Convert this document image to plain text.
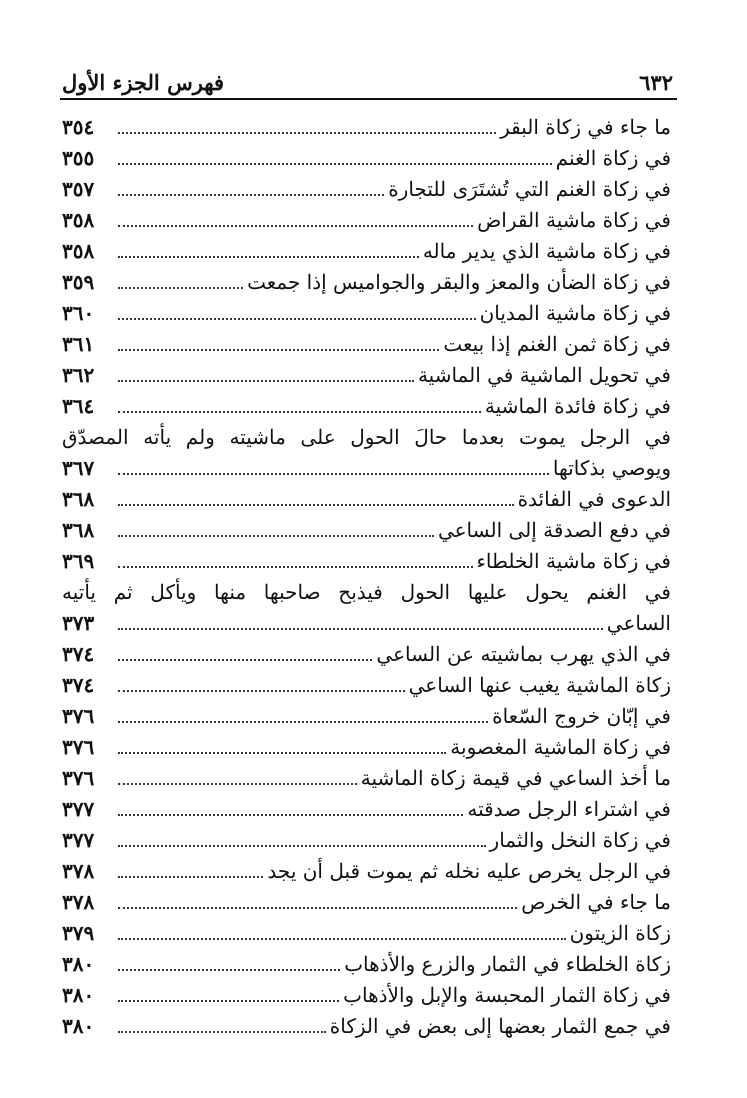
٦٣٢
فهرس الجزء الأول
ما جاء في زكاة البقر
٣٥٤
في زكاة الغنم
٣٥٥
في زكاة الغنم التي تُشتَرَى للتجارة
٣٥٧
في زكاة ماشية القراض
٣٥٨
في زكاة ماشية الذي يدير ماله
٣٥٨
في زكاة الضأن والمعز والبقر والجواميس إذا جمعت
٣٥٩
في زكاة ماشية المديان
٣٦٠
في زكاة ثمن الغنم إذا بيعت
٣٦١
في تحويل الماشية في الماشية
٣٦٢
في زكاة فائدة الماشية
٣٦٤
في الرجل يموت بعدما حالَ الحول على ماشيته ولم يأته المصدّق
ويوصي بذكاتها
٣٦٧
الدعوى في الفائدة
٣٦٨
في دفع الصدقة إلى الساعي
٣٦٨
في زكاة ماشية الخلطاء
٣٦٩
في الغنم يحول عليها الحول فيذبح صاحبها منها ويأكل ثم يأتيه
الساعي
٣٧٣
في الذي يهرب بماشيته عن الساعي
٣٧٤
زكاة الماشية يغيب عنها الساعي
٣٧٤
في إبّان خروج السّعاة
٣٧٦
في زكاة الماشية المغصوبة
٣٧٦
ما أخذ الساعي في قيمة زكاة الماشية
٣٧٦
في اشتراء الرجل صدقته
٣٧٧
في زكاة النخل والثمار
٣٧٧
في الرجل يخرص عليه نخله ثم يموت قبل أن يجد
٣٧٨
ما جاء في الخرص
٣٧٨
زكاة الزيتون
٣٧٩
زكاة الخلطاء في الثمار والزرع والأذهاب
٣٨٠
في زكاة الثمار المحبسة والإبل والأذهاب
٣٨٠
في جمع الثمار بعضها إلى بعض في الزكاة
٣٨٠
